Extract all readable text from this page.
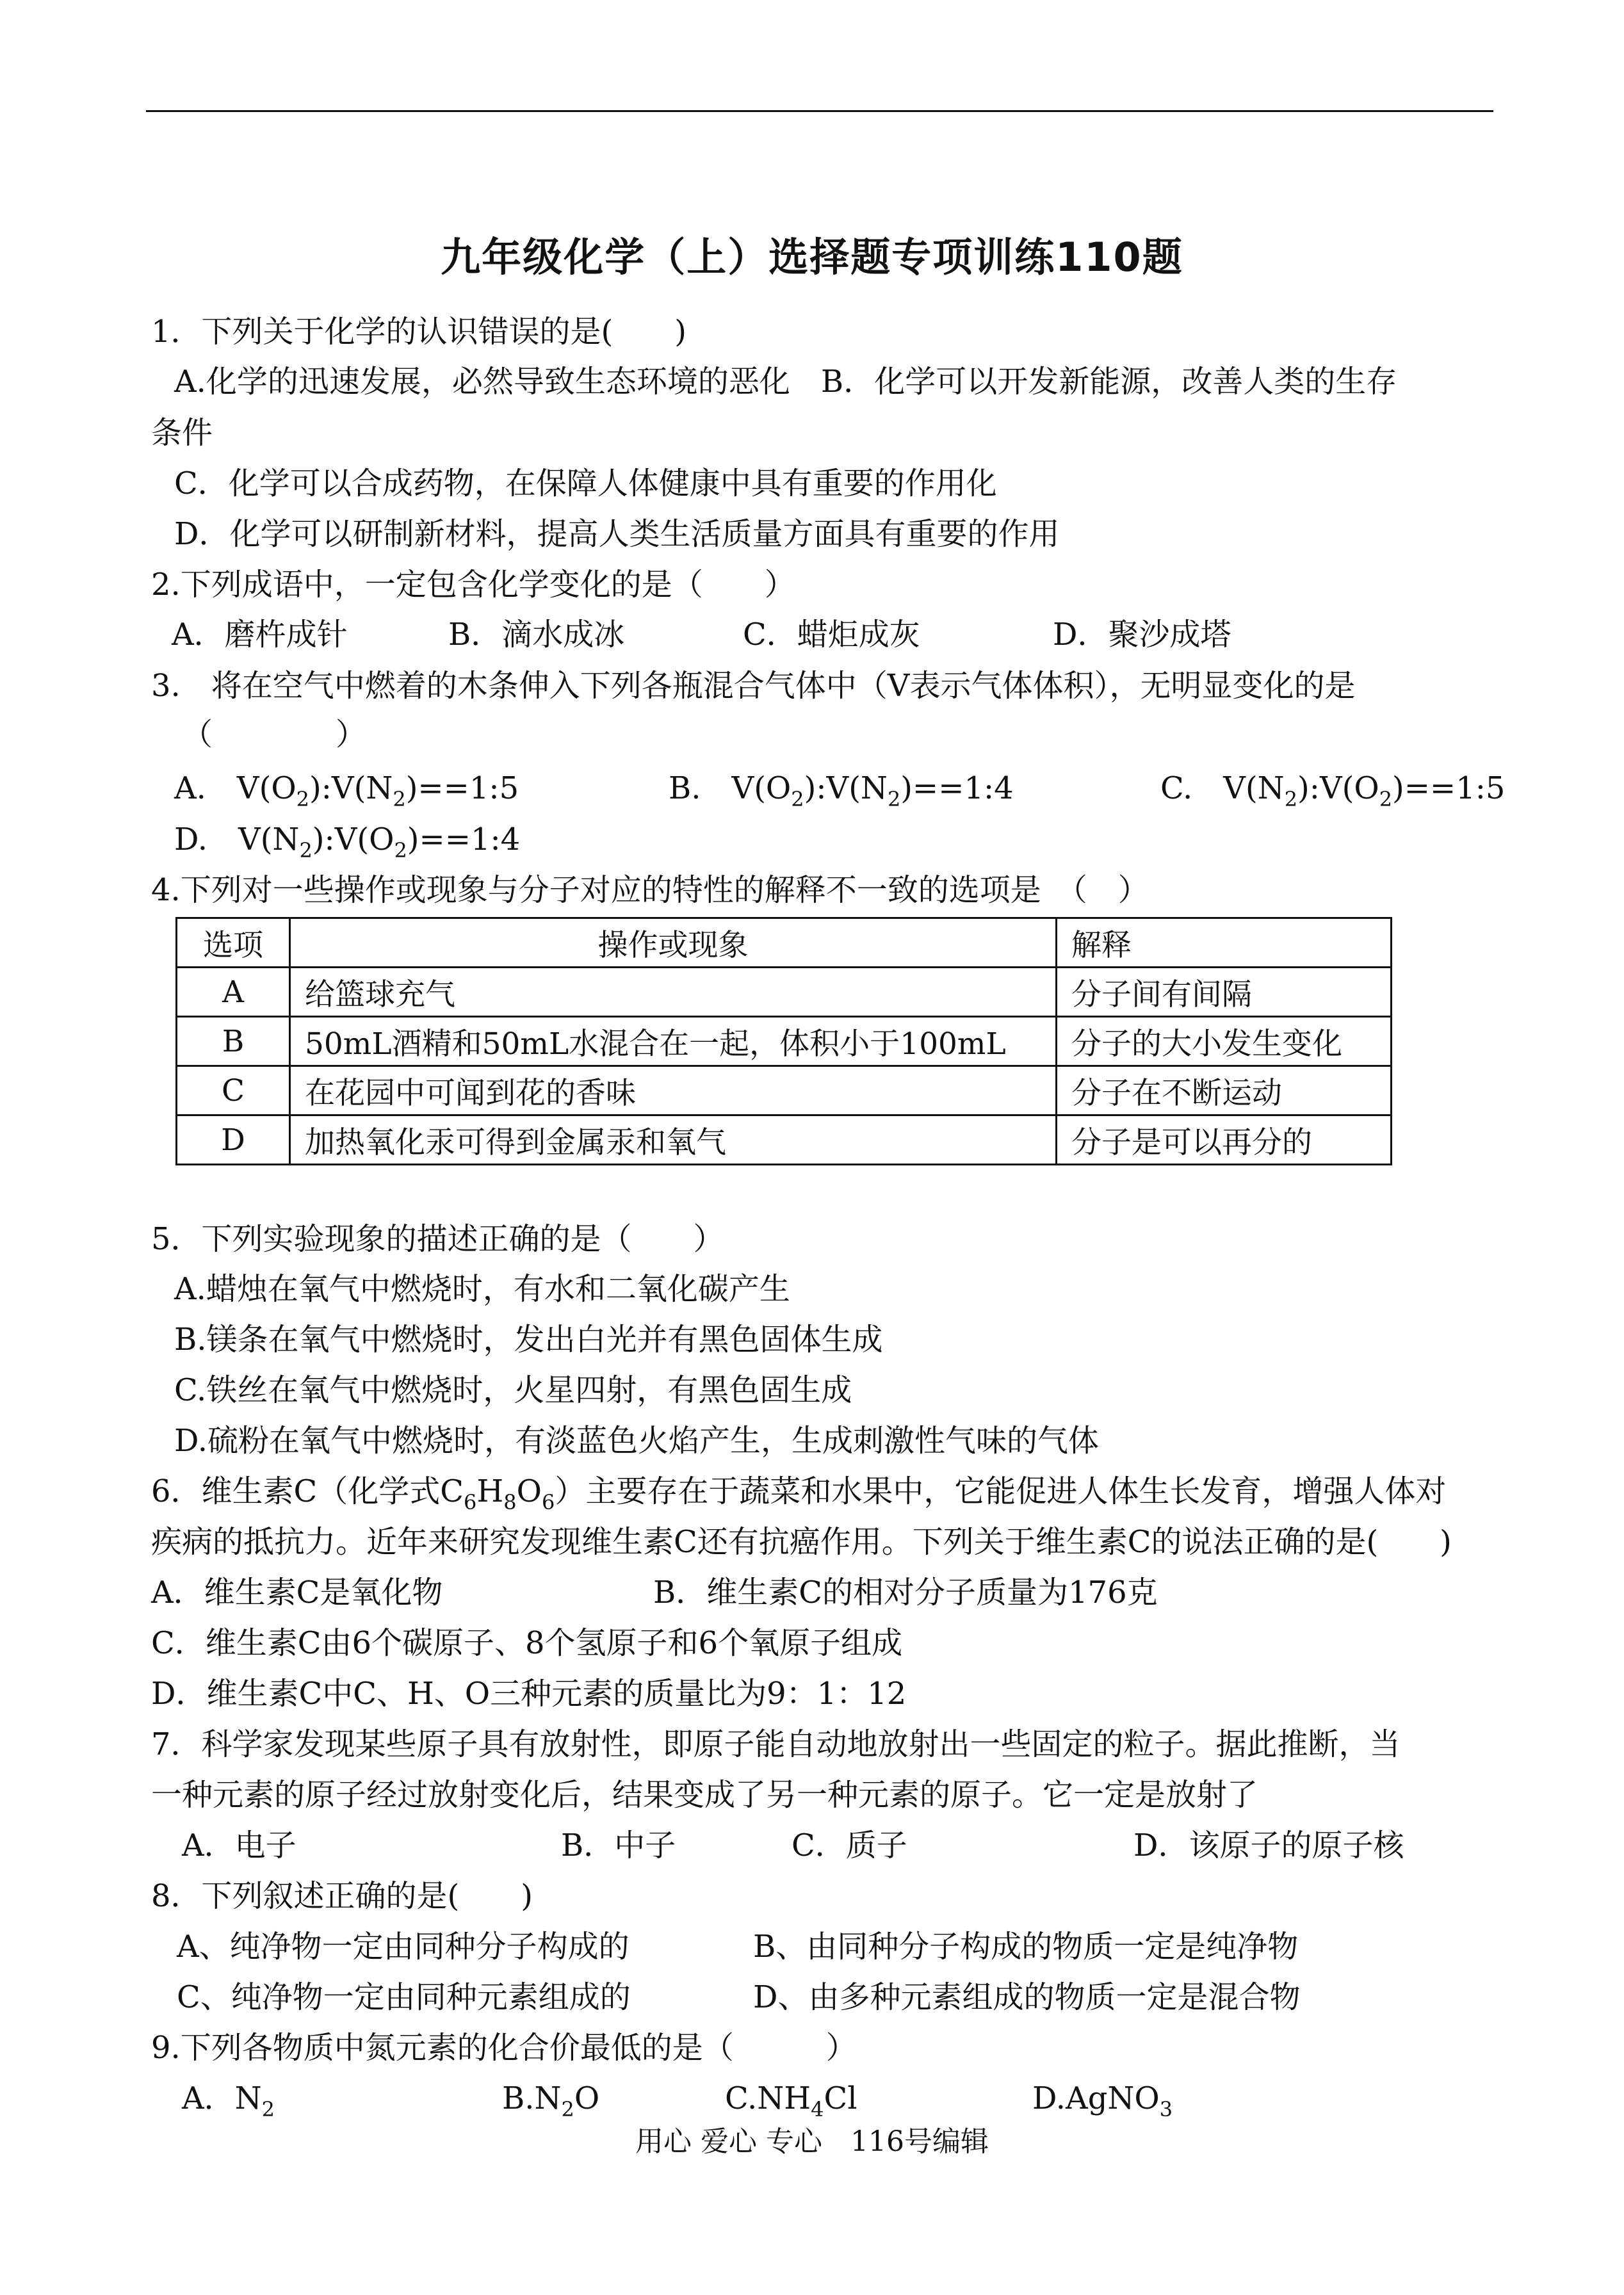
九年级化学（上）选择题专项训练110题
1．下列关于化学的认识错误的是(　　)
A.化学的迅速发展，必然导致生态环境的恶化　B．化学可以开发新能源，改善人类的生存
条件
C．化学可以合成药物，在保障人体健康中具有重要的作用化
D．化学可以研制新材料，提高人类生活质量方面具有重要的作用
2.下列成语中，一定包含化学变化的是（　　）
A．磨杵成针	B．滴水成冰	C．蜡炬成灰	D．聚沙成塔
3.　将在空气中燃着的木条伸入下列各瓶混合气体中（V表示气体体积），无明显变化的是
（　　　　）
A.　$V(O_2):V(N_2)==1:5$	B.　$V(O_2):V(N_2)==1:4$	C.　$V(N_2):V(O_2)==1:5$
D.　$V(N_2):V(O_2)==1:4$
4.下列对一些操作或现象与分子对应的特性的解释不一致的选项是　（　）
选项	操作或现象	解释
A	给篮球充气	分子间有间隔
B	50mL酒精和50mL水混合在一起，体积小于100mL	分子的大小发生变化
C	在花园中可闻到花的香味	分子在不断运动
D	加热氧化汞可得到金属汞和氧气	分子是可以再分的
5．下列实验现象的描述正确的是（　　）
A.蜡烛在氧气中燃烧时，有水和二氧化碳产生
B.镁条在氧气中燃烧时，发出白光并有黑色固体生成
C.铁丝在氧气中燃烧时，火星四射，有黑色固生成
D.硫粉在氧气中燃烧时，有淡蓝色火焰产生，生成刺激性气味的气体
6．维生素C（化学式$C_6H_8O_6$）主要存在于蔬菜和水果中，它能促进人体生长发育，增强人体对
疾病的抵抗力。近年来研究发现维生素C还有抗癌作用。下列关于维生素C的说法正确的是(　　)
A．维生素C是氧化物	B．维生素C的相对分子质量为176克
C．维生素C由6个碳原子、8个氢原子和6个氧原子组成
D．维生素C中C、H、O三种元素的质量比为9：1：12
7．科学家发现某些原子具有放射性，即原子能自动地放射出一些固定的粒子。据此推断，当
一种元素的原子经过放射变化后，结果变成了另一种元素的原子。它一定是放射了
A．电子	B．中子	C．质子	D．该原子的原子核
8．下列叙述正确的是(　　)
A、纯净物一定由同种分子构成的	B、由同种分子构成的物质一定是纯净物
C、纯净物一定由同种元素组成的	D、由多种元素组成的物质一定是混合物
9.下列各物质中氮元素的化合价最低的是（　　　）
A．$N_2$	$B.N_2O$	$C.NH_4Cl$	D.AgNO$_3$
用心 爱心 专心　116号编辑
